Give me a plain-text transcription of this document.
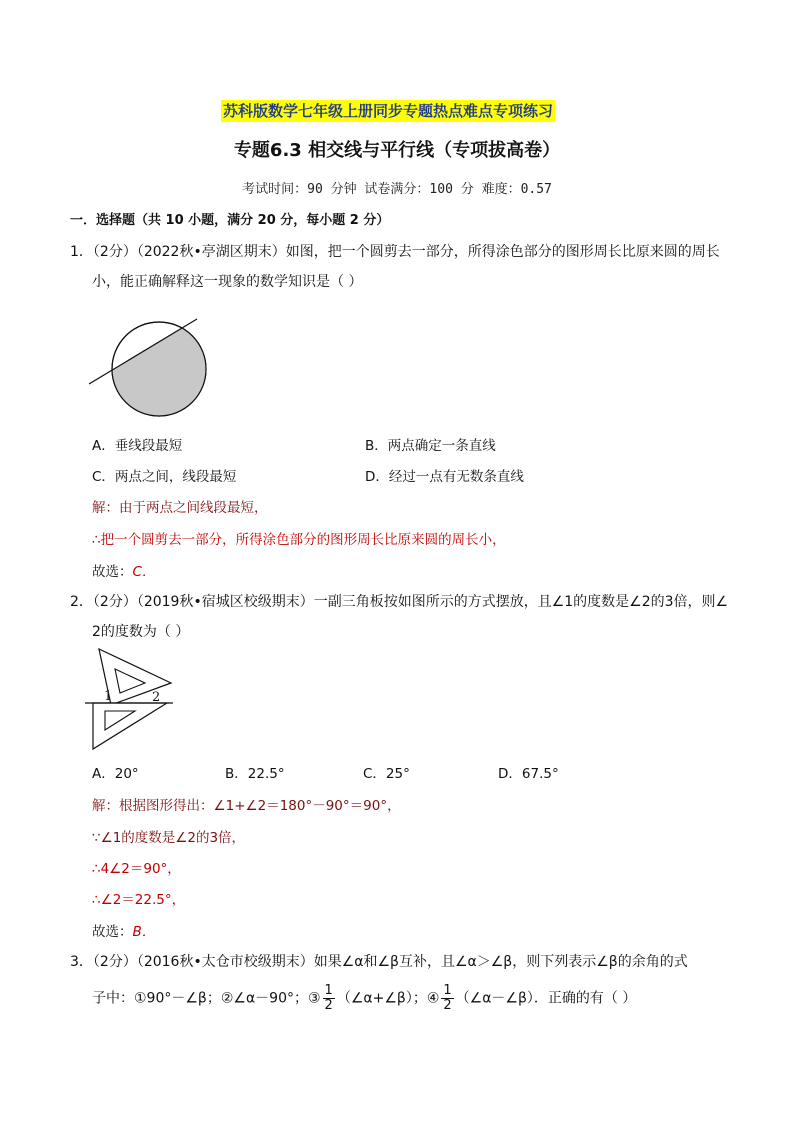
苏科版数学七年级上册同步专题热点难点专项练习
专题6.3 相交线与平行线（专项拔高卷）
考试时间：90 分钟 试卷满分：100 分 难度：0.57
一．选择题（共 10 小题，满分 20 分，每小题 2 分）
1．（2分）（2022秋•亭湖区期末）如图，把一个圆剪去一部分，所得涂色部分的图形周长比原来圆的周长
小，能正确解释这一现象的数学知识是（ ）
A．垂线段最短	B．两点确定一条直线
C．两点之间，线段最短	D．经过一点有无数条直线
解：由于两点之间线段最短，
∴把一个圆剪去一部分，所得涂色部分的图形周长比原来圆的周长小，
故选：C．
2．（2分）（2019秋•宿城区校级期末）一副三角板按如图所示的方式摆放，且∠1的度数是∠2的3倍，则∠
2的度数为（ ）
1	2
A．20°	B．22.5°	C．25°	D．67.5°
解：根据图形得出：∠1+∠2＝180°－90°＝90°，
∵∠1的度数是∠2的3倍，
∴4∠2＝90°，
∴∠2＝22.5°，
故选：B．
3．（2分）（2016秋•太仓市校级期末）如果∠α和∠β互补，且∠α＞∠β，则下列表示∠β的余角的式
子中：①90°－∠β；②∠α－90°；③ $\frac{1}{2}$ （∠α+∠β）；④ $\frac{1}{2}$ （∠α－∠β）．正确的有（ ）
